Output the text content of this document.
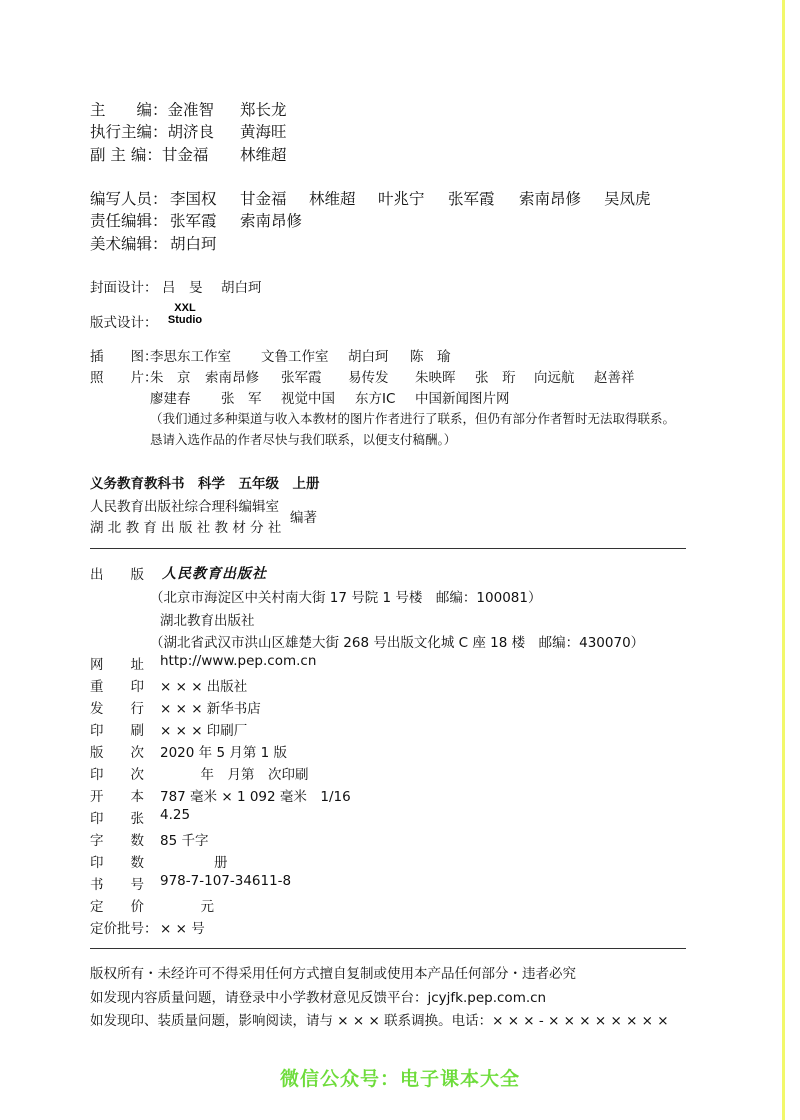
主　　编：金准智 郑长龙
执行主编：胡济良 黄海旺
副 主 编：甘金福 林维超
编写人员： 李国权 甘金福 林维超 叶兆宁 张军霞 索南昂修 吴凤虎
责任编辑： 张军霞 索南昂修
美术编辑： 胡白珂
封面设计： 吕　旻 胡白珂
版式设计：
XXL
Studio
插　　图：
李思东工作室 文鲁工作室 胡白珂 陈　瑜
照　　片：
朱　京 索南昂修 张军霞 易传发 朱映晖 张　珩 向远航 赵善祥
廖建春 张　军 视觉中国 东方IC 中国新闻图片网
（我们通过多种渠道与收入本教材的图片作者进行了联系，但仍有部分作者暂时无法取得联系。
恳请入选作品的作者尽快与我们联系，以便支付稿酬。）
义务教育教科书　科学　五年级　上册
人民教育出版社综合理科编辑室
湖 北 教 育 出 版 社 教 材 分 社
编著
出　　版 人民教育出版社
（北京市海淀区中关村南大街 17 号院 1 号楼　邮编：100081）
湖北教育出版社
（湖北省武汉市洪山区雄楚大街 268 号出版文化城 C 座 18 楼　邮编：430070）
网　　址 http://www.pep.com.cn
重　　印 × × × 出版社
发　　行 × × × 新华书店
印　　刷 × × × 印刷厂
版　　次 2020 年 5 月第 1 版
印　　次 　　　年　月第　次印刷
开　　本 787 毫米 × 1 092 毫米　1/16
印　　张 4.25
字　　数 85 千字
印　　数 　　　　册
书　　号 978-7-107-34611-8
定　　价 　　　元
定价批号： × × 号
版权所有・未经许可不得采用任何方式擅自复制或使用本产品任何部分・违者必究
如发现内容质量问题，请登录中小学教材意见反馈平台：jcyjfk.pep.com.cn
如发现印、装质量问题，影响阅读，请与 × × × 联系调换。电话：× × × - × × × × × × × ×
微信公众号：电子课本大全
